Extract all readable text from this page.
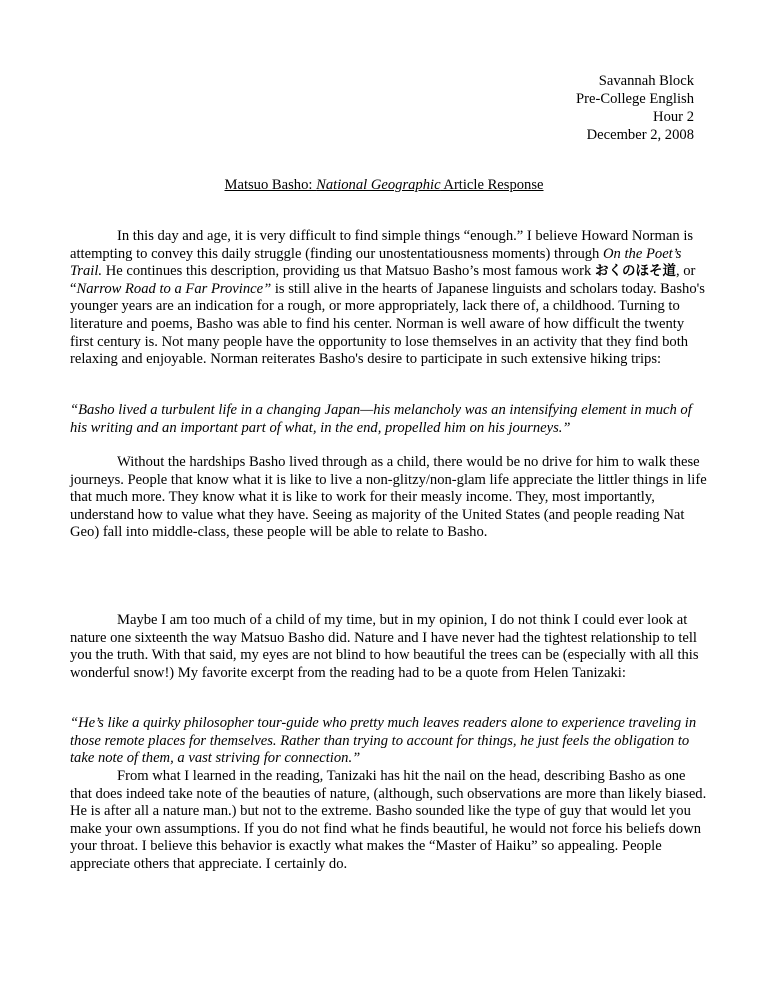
Savannah Block
Pre-College English
Hour 2
December 2, 2008
Matsuo Basho: National Geographic Article Response

In this day and age, it is very difficult to find simple things “enough.” I believe Howard Norman is attempting to convey this daily struggle (finding our unostentatiousness moments) through On the Poet’s Trail. He continues this description, providing us that Matsuo Basho’s most famous work おくのほそ道, or “Narrow Road to a Far Province” is still alive in the hearts of Japanese linguists and scholars today. Basho's younger years are an indication for a rough, or more appropriately, lack there of, a childhood. Turning to literature and poems, Basho was able to find his center. Norman is well aware of how difficult the twenty first century is. Not many people have the opportunity to lose themselves in an activity that they find both relaxing and enjoyable. Norman reiterates Basho's desire to participate in such extensive hiking trips:

“Basho lived a turbulent life in a changing Japan—his melancholy was an intensifying element in much of his writing and an important part of what, in the end, propelled him on his journeys.”

Without the hardships Basho lived through as a child, there would be no drive for him to walk these journeys. People that know what it is like to live a non-glitzy/non-glam life appreciate the littler things in life that much more. They know what it is like to work for their measly income. They, most importantly, understand how to value what they have. Seeing as majority of the United States (and people reading Nat Geo) fall into middle-class, these people will be able to relate to Basho.

Maybe I am too much of a child of my time, but in my opinion, I do not think I could ever look at nature one sixteenth the way Matsuo Basho did. Nature and I have never had the tightest relationship to tell you the truth. With that said, my eyes are not blind to how beautiful the trees can be (especially with all this wonderful snow!) My favorite excerpt from the reading had to be a quote from Helen Tanizaki:

“He’s like a quirky philosopher tour-guide who pretty much leaves readers alone to experience traveling in those remote places for themselves. Rather than trying to account for things, he just feels the obligation to take note of them, a vast striving for connection.”

From what I learned in the reading, Tanizaki has hit the nail on the head, describing Basho as one that does indeed take note of the beauties of nature, (although, such observations are more than likely biased. He is after all a nature man.) but not to the extreme. Basho sounded like the type of guy that would let you make your own assumptions. If you do not find what he finds beautiful, he would not force his beliefs down your throat. I believe this behavior is exactly what makes the “Master of Haiku” so appealing. People appreciate others that appreciate. I certainly do.
